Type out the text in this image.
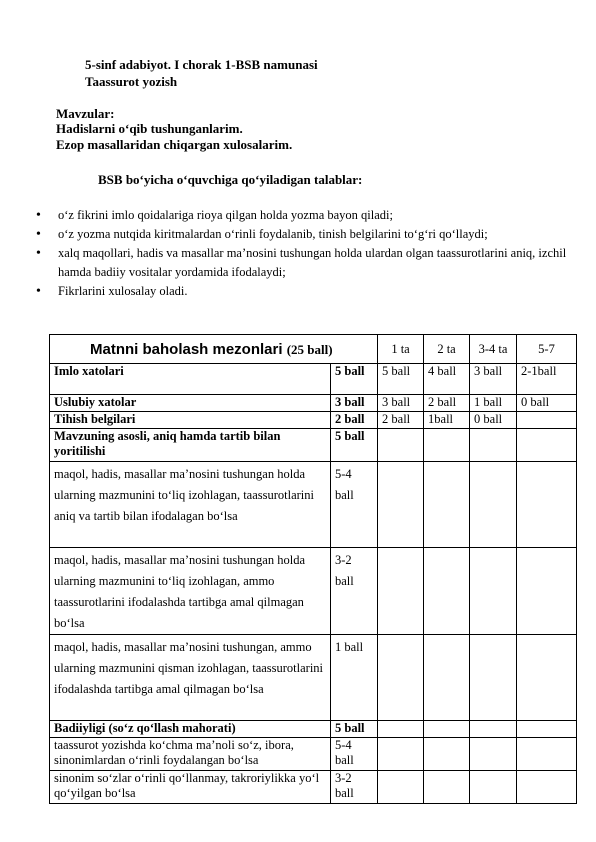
5-sinf adabiyot. I chorak 1-BSB namunasi
Taassurot yozish
Mavzular:
Hadislarni o‘qib tushunganlarim.
Ezop masallaridan chiqargan xulosalarim.
BSB bo‘yicha o‘quvchiga qo‘yiladigan talablar:
• o‘z fikrini imlo qoidalariga rioya qilgan holda yozma bayon qiladi;
• o‘z yozma nutqida kiritmalardan o‘rinli foydalanib, tinish belgilarini to‘g‘ri qo‘llaydi;
• xalq maqollari, hadis va masallar ma’nosini tushungan holda ulardan olgan taassurotlarini aniq, izchil hamda badiiy vositalar yordamida ifodalaydi;
• Fikrlarini xulosalay oladi.
Matnni baholash mezonlari (25 ball)		1 ta	2 ta	3-4 ta	5-7
Imlo xatolari	5 ball	5 ball	4 ball	3 ball	2-1ball
Uslubiy xatolar	3 ball	3 ball	2 ball	1 ball	0 ball
Tihish belgilari	2 ball	2 ball	1ball	0 ball	
Mavzuning asosli, aniq hamda tartib bilan yoritilishi	5 ball				
maqol, hadis, masallar ma’nosini tushungan holda ularning mazmunini to‘liq izohlagan, taassurotlarini aniq va tartib bilan ifodalagan bo‘lsa	5-4 ball				
maqol, hadis, masallar ma’nosini tushungan holda ularning mazmunini to‘liq izohlagan, ammo taassurotlarini ifodalashda tartibga amal qilmagan bo‘lsa	3-2 ball				
maqol, hadis, masallar ma’nosini tushungan, ammo ularning mazmunini qisman izohlagan, taassurotlarini ifodalashda tartibga amal qilmagan bo‘lsa	1 ball				
Badiiyligi (so‘z qo‘llash mahorati)	5 ball				
taassurot yozishda ko‘chma ma’noli so‘z, ibora, sinonimlardan o‘rinli foydalangan bo‘lsa	5-4 ball				
sinonim so‘zlar o‘rinli qo‘llanmay, takroriylikka yo‘l qo‘yilgan bo‘lsa	3-2 ball				
